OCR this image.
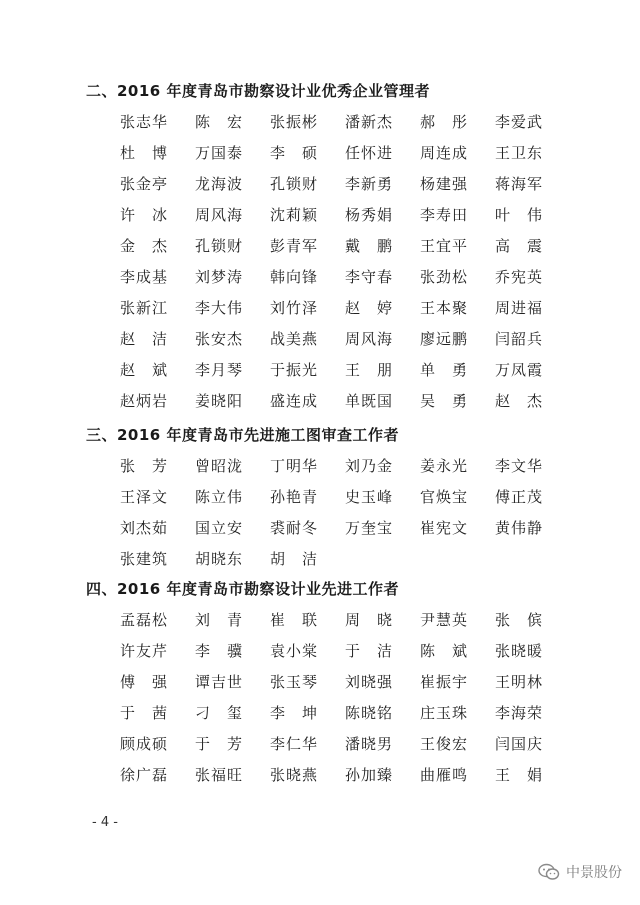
二、2016 年度青岛市勘察设计业优秀企业管理者
张志华	陈　宏	张振彬	潘新杰	郝　彤	李爱武
杜　博	万国泰	李　硕	任怀进	周连成	王卫东
张金亭	龙海波	孔锁财	李新勇	杨建强	蒋海军
许　冰	周风海	沈莉颖	杨秀娟	李寿田	叶　伟
金　杰	孔锁财	彭青军	戴　鹏	王宜平	高　震
李成基	刘梦涛	韩向锋	李守春	张劲松	乔宪英
张新江	李大伟	刘竹泽	赵　婷	王本聚	周进福
赵　洁	张安杰	战美燕	周风海	廖远鹏	闫韶兵
赵　斌	李月琴	于振光	王　朋	单　勇	万凤霞
赵炳岩	姜晓阳	盛连成	单既国	吴　勇	赵　杰
三、2016 年度青岛市先进施工图审查工作者
张　芳	曾昭泷	丁明华	刘乃金	姜永光	李文华
王泽文	陈立伟	孙艳青	史玉峰	官焕宝	傅正茂
刘杰茹	国立安	裘耐冬	万奎宝	崔宪文	黄伟静
张建筑	胡晓东	胡　洁
四、2016 年度青岛市勘察设计业先进工作者
孟磊松	刘　青	崔　联	周　晓	尹慧英	张　傧
许友芹	李　骥	袁小棠	于　洁	陈　斌	张晓暖
傅　强	谭吉世	张玉琴	刘晓强	崔振宇	王明林
于　茜	刁　玺	李　坤	陈晓铭	庄玉珠	李海荣
顾成硕	于　芳	李仁华	潘晓男	王俊宏	闫国庆
徐广磊	张福旺	张晓燕	孙加臻	曲雁鸣	王　娟
- 4 -
中景股份
